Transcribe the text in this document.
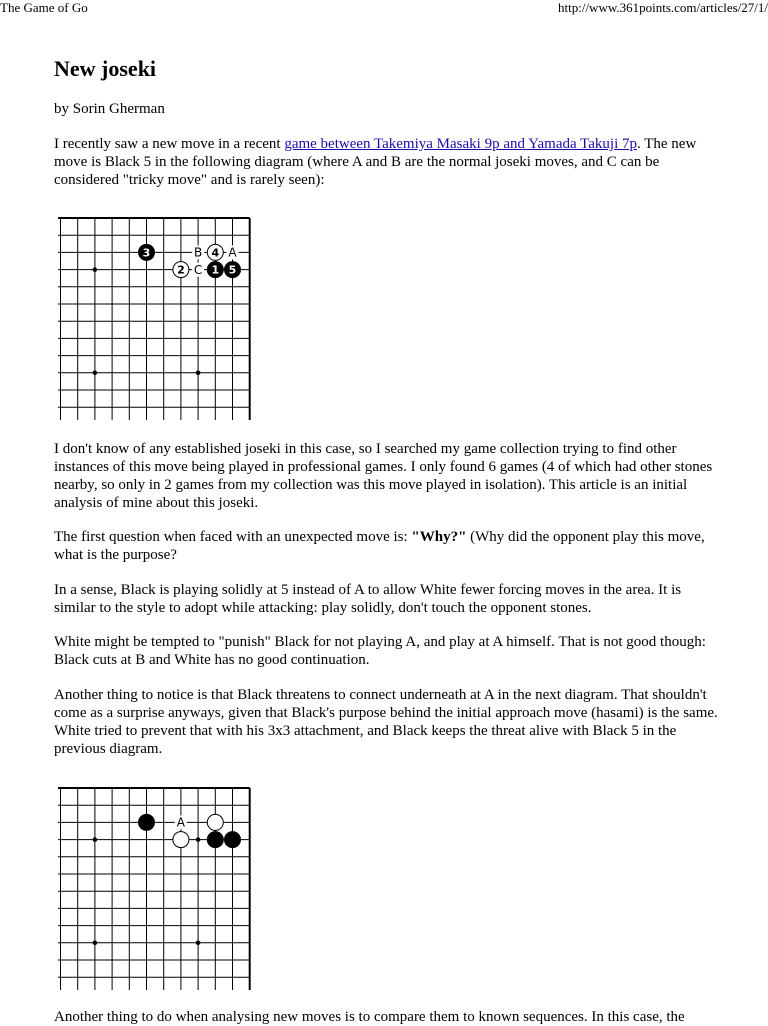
The Game of Go	http://www.361points.com/articles/27/1/
New joseki

by Sorin Gherman

I recently saw a new move in a recent game between Takemiya Masaki 9p and Yamada Takuji 7p. The new move is Black 5 in the following diagram (where A and B are the normal joseki moves, and C can be considered "tricky move" and is rarely seen):

B A
C
3	4
2 1 5

I don't know of any established joseki in this case, so I searched my game collection trying to find other instances of this move being played in professional games. I only found 6 games (4 of which had other stones nearby, so only in 2 games from my collection was this move played in isolation). This article is an initial analysis of mine about this joseki.

The first question when faced with an unexpected move is: "Why?" (Why did the opponent play this move, what is the purpose?

In a sense, Black is playing solidly at 5 instead of A to allow White fewer forcing moves in the area. It is similar to the style to adopt while attacking: play solidly, don't touch the opponent stones.

White might be tempted to "punish" Black for not playing A, and play at A himself. That is not good though: Black cuts at B and White has no good continuation.

Another thing to notice is that Black threatens to connect underneath at A in the next diagram. That shouldn't come as a surprise anyways, given that Black's purpose behind the initial approach move (hasami) is the same. White tried to prevent that with his 3x3 attachment, and Black keeps the threat alive with Black 5 in the previous diagram.

A

Another thing to do when analysing new moves is to compare them to known sequences. In this case, the
